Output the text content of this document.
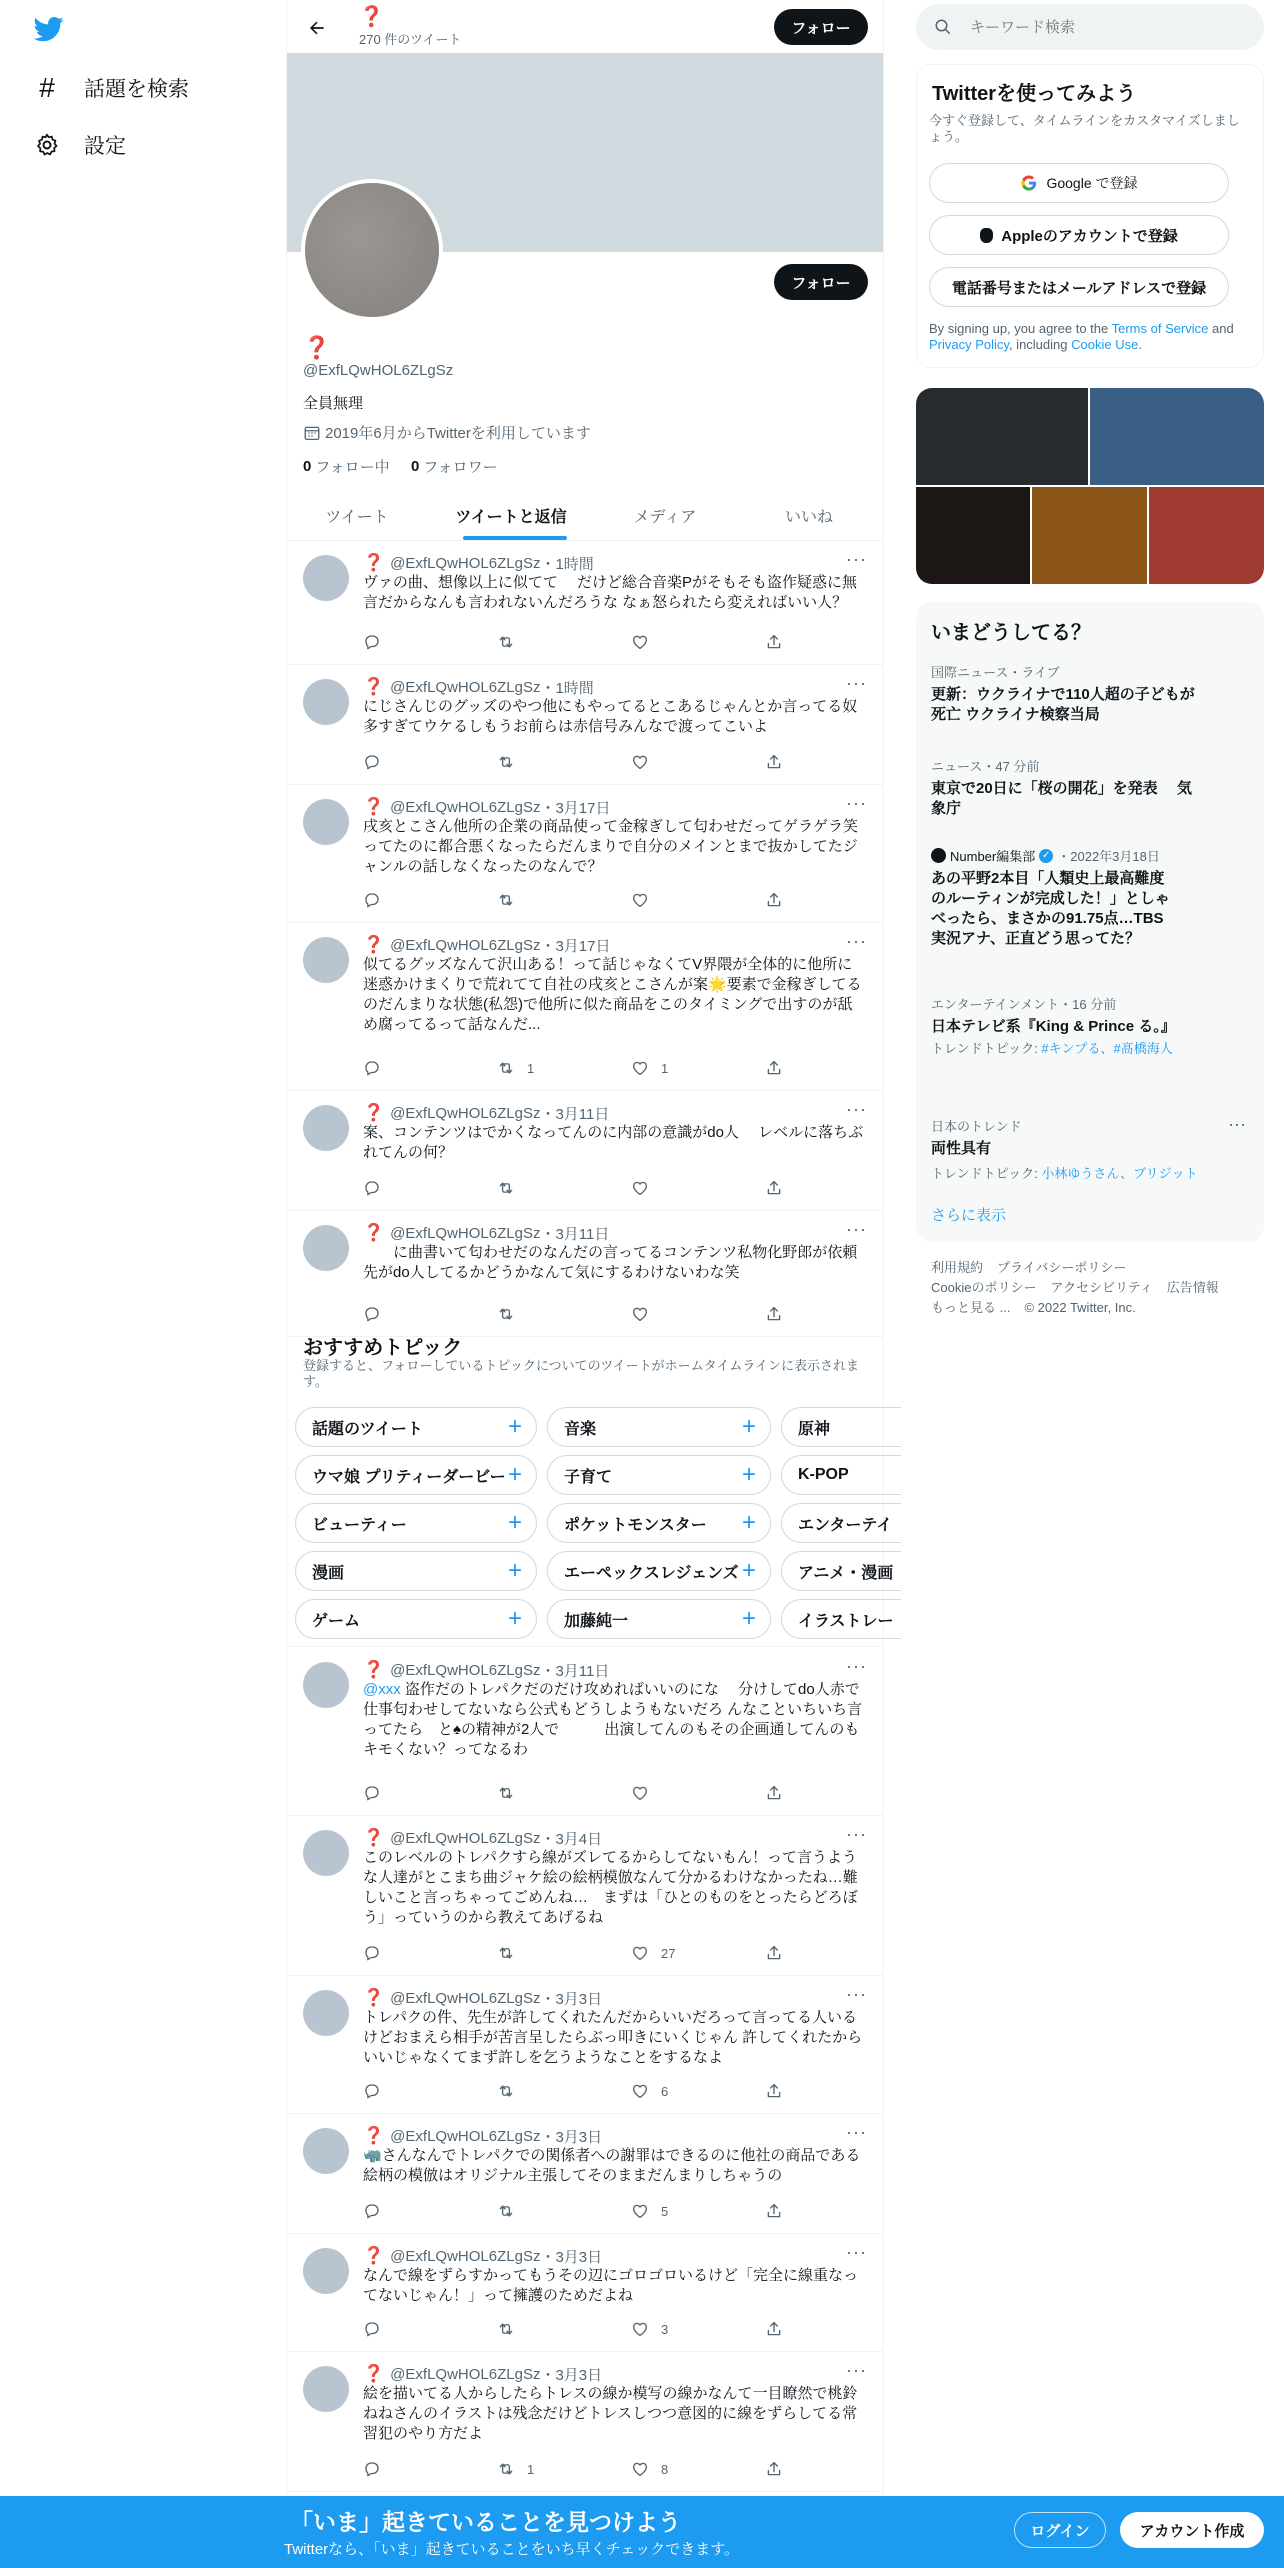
# 話題を検索
設定
❓
270 件のツイート
フォロー
フォロー
❓
@ExfLQwHOL6ZLgSz
全員無理
2019年6月からTwitterを利用しています
0 フォロー中 0 フォロワー
ツイート	ツイートと返信	メディア	いいね
❓ @ExfLQwHOL6ZLgSz ・ 1時間	···
ヴァの曲、想像以上に似てて　 だけど総合音楽Pがそもそも盗作疑惑に無言だからなんも言われないんだろうな なぁ怒られたら変えればいい人？
❓ @ExfLQwHOL6ZLgSz ・ 1時間	···
にじさんじのグッズのやつ他にもやってるとこあるじゃんとか言ってる奴多すぎてウケるしもうお前らは赤信号みんなで渡ってこいよ
❓ @ExfLQwHOL6ZLgSz ・ 3月17日	···
戌亥とこさん他所の企業の商品使って金稼ぎして匂わせだってゲラゲラ笑ってたのに都合悪くなったらだんまりで自分のメインとまで抜かしてたジャンルの話しなくなったのなんで？
❓ @ExfLQwHOL6ZLgSz ・ 3月17日	···
似てるグッズなんて沢山ある！って話じゃなくてV界隈が全体的に他所に迷惑かけまくりで荒れてて自社の戌亥とこさんが案🌟要素で金稼ぎしてるのだんまりな状態(私怨)で他所に似た商品をこのタイミングで出すのが舐め腐ってるって話なんだ...
1	1
❓ @ExfLQwHOL6ZLgSz ・ 3月11日	···
案、コンテンツはでかくなってんのに内部の意識がdo人　 レベルに落ちぶれてんの何？
❓ @ExfLQwHOL6ZLgSz ・ 3月11日	···
　　に曲書いて匂わせだのなんだの言ってるコンテンツ私物化野郎が依頼先がdo人してるかどうかなんて気にするわけないわな笑
おすすめトピック
登録すると、フォローしているトピックについてのツイートがホームタイムラインに表示されます。
話題のツイート	+	音楽	+	原神
ウマ娘 プリティーダービー +	子育て	+	K-POP
ビューティー	+	ポケットモンスター +	エンターテイ
漫画	+	エーペックスレジェンズ +	アニメ・漫画
ゲーム	+	加藤純一	+	イラストレー
❓ @ExfLQwHOL6ZLgSz ・ 3月11日	···
@xxx 盗作だのトレパクだのだけ攻めればいいのにな　 分けしてdo人赤で仕事匂わせしてないなら公式もどうしようもないだろ んなこといちいち言ってたら　と♠の精神が2人で　　　出演してんのもその企画通してんのもキモくない？ってなるわ
❓ @ExfLQwHOL6ZLgSz ・ 3月4日	···
このレベルのトレパクすら線がズレてるからしてないもん！って言うような人達がとこまち曲ジャケ絵の絵柄模倣なんて分かるわけなかったね…難しいこと言っちゃってごめんね…　まずは「ひとのものをとったらどろぼう」っていうのから教えてあげるね
27
❓ @ExfLQwHOL6ZLgSz ・ 3月3日	···
トレパクの件、先生が許してくれたんだからいいだろって言ってる人いるけどおまえら相手が苦言呈したらぶっ叩きにいくじゃん 許してくれたからいいじゃなくてまず許しを乞うようなことをするなよ
6
❓ @ExfLQwHOL6ZLgSz ・ 3月3日	···
🦏さんなんでトレパクでの関係者への謝罪はできるのに他社の商品である絵柄の模倣はオリジナル主張してそのままだんまりしちゃうの
5
❓ @ExfLQwHOL6ZLgSz ・ 3月3日	···
なんで線をずらすかってもうその辺にゴロゴロいるけど「完全に線重なってないじゃん！」って擁護のためだよね
3
❓ @ExfLQwHOL6ZLgSz ・ 3月3日	···
絵を描いてる人からしたらトレスの線か模写の線かなんて一目瞭然で桃鈴ねねさんのイラストは残念だけどトレスしつつ意図的に線をずらしてる常習犯のやり方だよ
1	8
キーワード検索
Twitterを使ってみよう
今すぐ登録して、タイムラインをカスタマイズしましょう。
Google で登録
Appleのアカウントで登録
電話番号またはメールアドレスで登録
By signing up, you agree to the Terms of Service and Privacy Policy, including Cookie Use.
いまどうしてる？
国際ニュース・ライブ
更新：ウクライナで110人超の子どもが死亡 ウクライナ検察当局
ニュース・47 分前
東京で20日に「桜の開花」を発表　 気象庁
Number編集部 ✓ ・2022年3月18日
あの平野2本目「人類史上最高難度のルーティンが完成した！」としゃべったら、まさかの91.75点…TBS実況アナ、正直どう思ってた？
エンターテインメント・16 分前
日本テレビ系『King & Prince る。』
トレンドトピック: #キンプる、#髙橋海人
日本のトレンド
両性具有
トレンドトピック: 小林ゆうさん、ブリジット
···
さらに表示
利用規約 プライバシーポリシー
Cookieのポリシー アクセシビリティ 広告情報
もっと見る ... © 2022 Twitter, Inc.
「いま」起きていることを見つけよう
Twitterなら、「いま」起きていることをいち早くチェックできます。
ログイン	アカウント作成
